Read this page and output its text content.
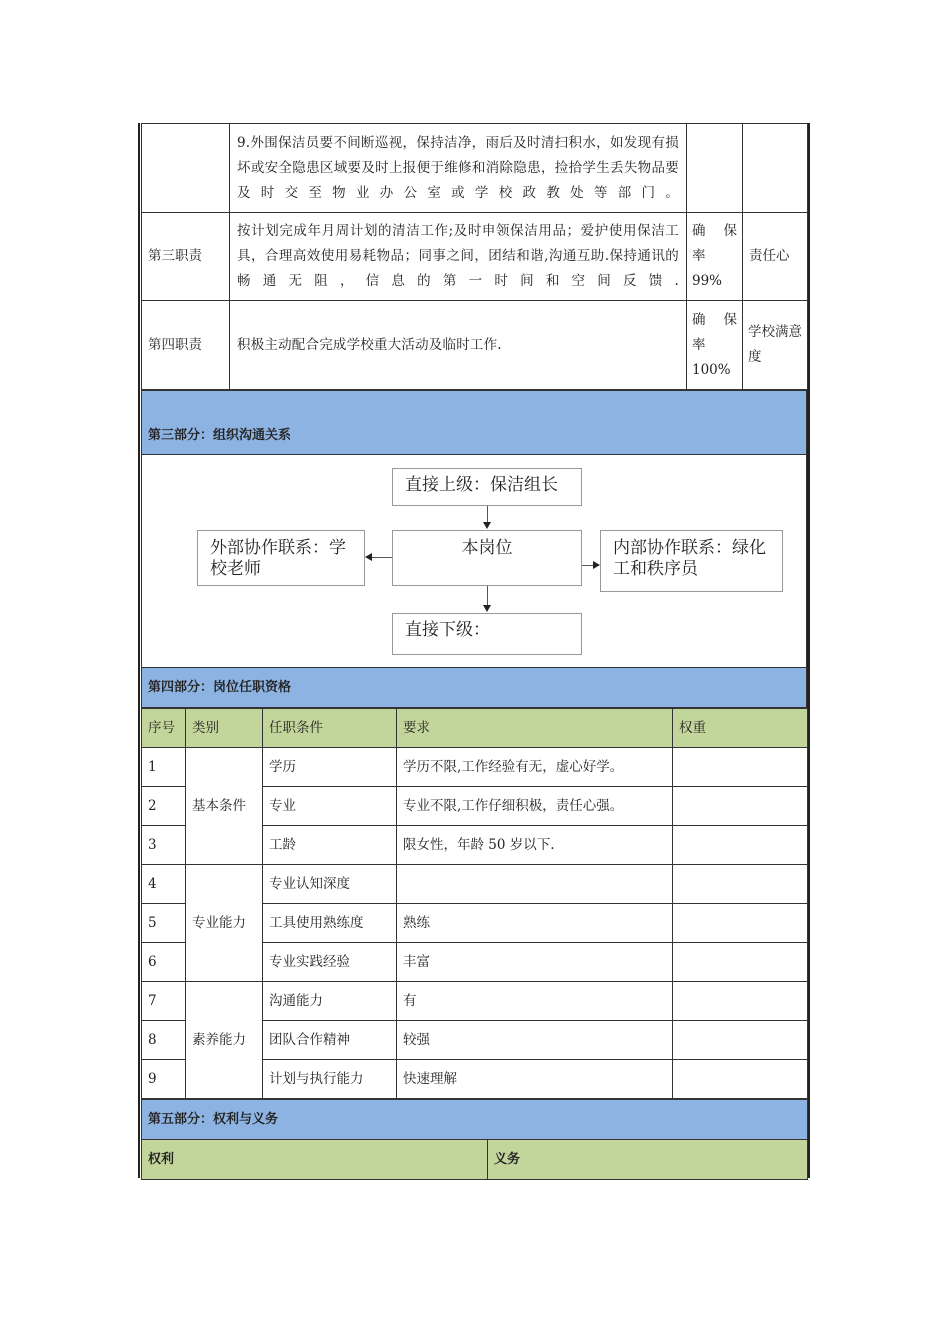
	9.外围保洁员要不间断巡视，保持洁净，雨后及时清扫积水，如发现有损坏或安全隐患区域要及时上报便于维修和消除隐患，捡拾学生丢失物品要及时交至物业办公室或学校政教处等部门。		
第三职责	按计划完成年月周计划的清洁工作;及时申领保洁用品；爱护使用保洁工具，合理高效使用易耗物品；同事之间，团结和谐,沟通互助.保持通讯的畅通无阻，信息的第一时间和空间反馈.	确 保 率 99%	责任心
第四职责	积极主动配合完成学校重大活动及临时工作.	确 保 率 100%	学校满意度
第三部分：组织沟通关系

直接上级：保洁组长
本岗位
外部协作联系：学校老师
内部协作联系：绿化工和秩序员
直接下级：

第四部分：岗位任职资格
序号	类别	任职条件	要求	权重
1	基本条件	学历	学历不限,工作经验有无，虚心好学。	
2		专业	专业不限,工作仔细积极，责任心强。	
3		工龄	限女性，年龄 50 岁以下.	
4	专业能力	专业认知深度		
5		工具使用熟练度	熟练	
6		专业实践经验	丰富	
7	素养能力	沟通能力	有	
8		团队合作精神	较强	
9		计划与执行能力	快速理解	
第五部分：权利与义务
权利	义务
